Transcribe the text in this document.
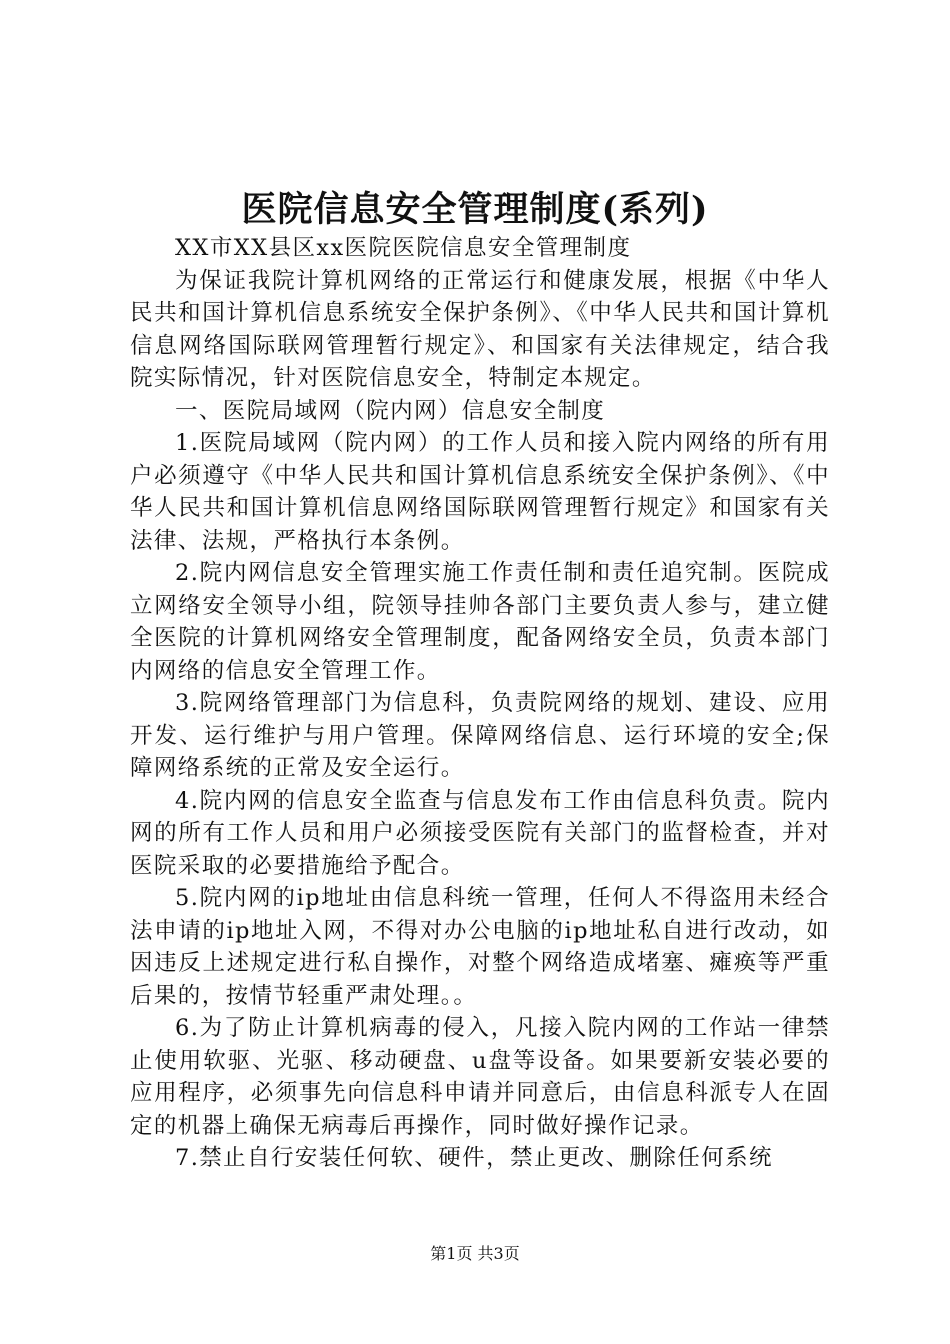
医院信息安全管理制度(系列)

XX市XX县区xx医院医院信息安全管理制度

为保证我院计算机网络的正常运行和健康发展，根据《中华人民共和国计算机信息系统安全保护条例》、《中华人民共和国计算机信息网络国际联网管理暂行规定》、和国家有关法律规定，结合我院实际情况，针对医院信息安全，特制定本规定。

一、医院局域网（院内网）信息安全制度

1.医院局域网（院内网）的工作人员和接入院内网络的所有用户必须遵守《中华人民共和国计算机信息系统安全保护条例》、《中华人民共和国计算机信息网络国际联网管理暂行规定》和国家有关法律、法规，严格执行本条例。

2.院内网信息安全管理实施工作责任制和责任追究制。医院成立网络安全领导小组，院领导挂帅各部门主要负责人参与，建立健全医院的计算机网络安全管理制度，配备网络安全员，负责本部门内网络的信息安全管理工作。

3.院网络管理部门为信息科，负责院网络的规划、建设、应用开发、运行维护与用户管理。保障网络信息、运行环境的安全;保障网络系统的正常及安全运行。

4.院内网的信息安全监查与信息发布工作由信息科负责。院内网的所有工作人员和用户必须接受医院有关部门的监督检查，并对医院采取的必要措施给予配合。

5.院内网的ip地址由信息科统一管理，任何人不得盗用未经合法申请的ip地址入网，不得对办公电脑的ip地址私自进行改动，如因违反上述规定进行私自操作，对整个网络造成堵塞、瘫痪等严重后果的，按情节轻重严肃处理。。

6.为了防止计算机病毒的侵入，凡接入院内网的工作站一律禁止使用软驱、光驱、移动硬盘、u盘等设备。如果要新安装必要的应用程序，必须事先向信息科申请并同意后，由信息科派专人在固定的机器上确保无病毒后再操作，同时做好操作记录。

7.禁止自行安装任何软、硬件，禁止更改、删除任何系统

第1页 共3页
